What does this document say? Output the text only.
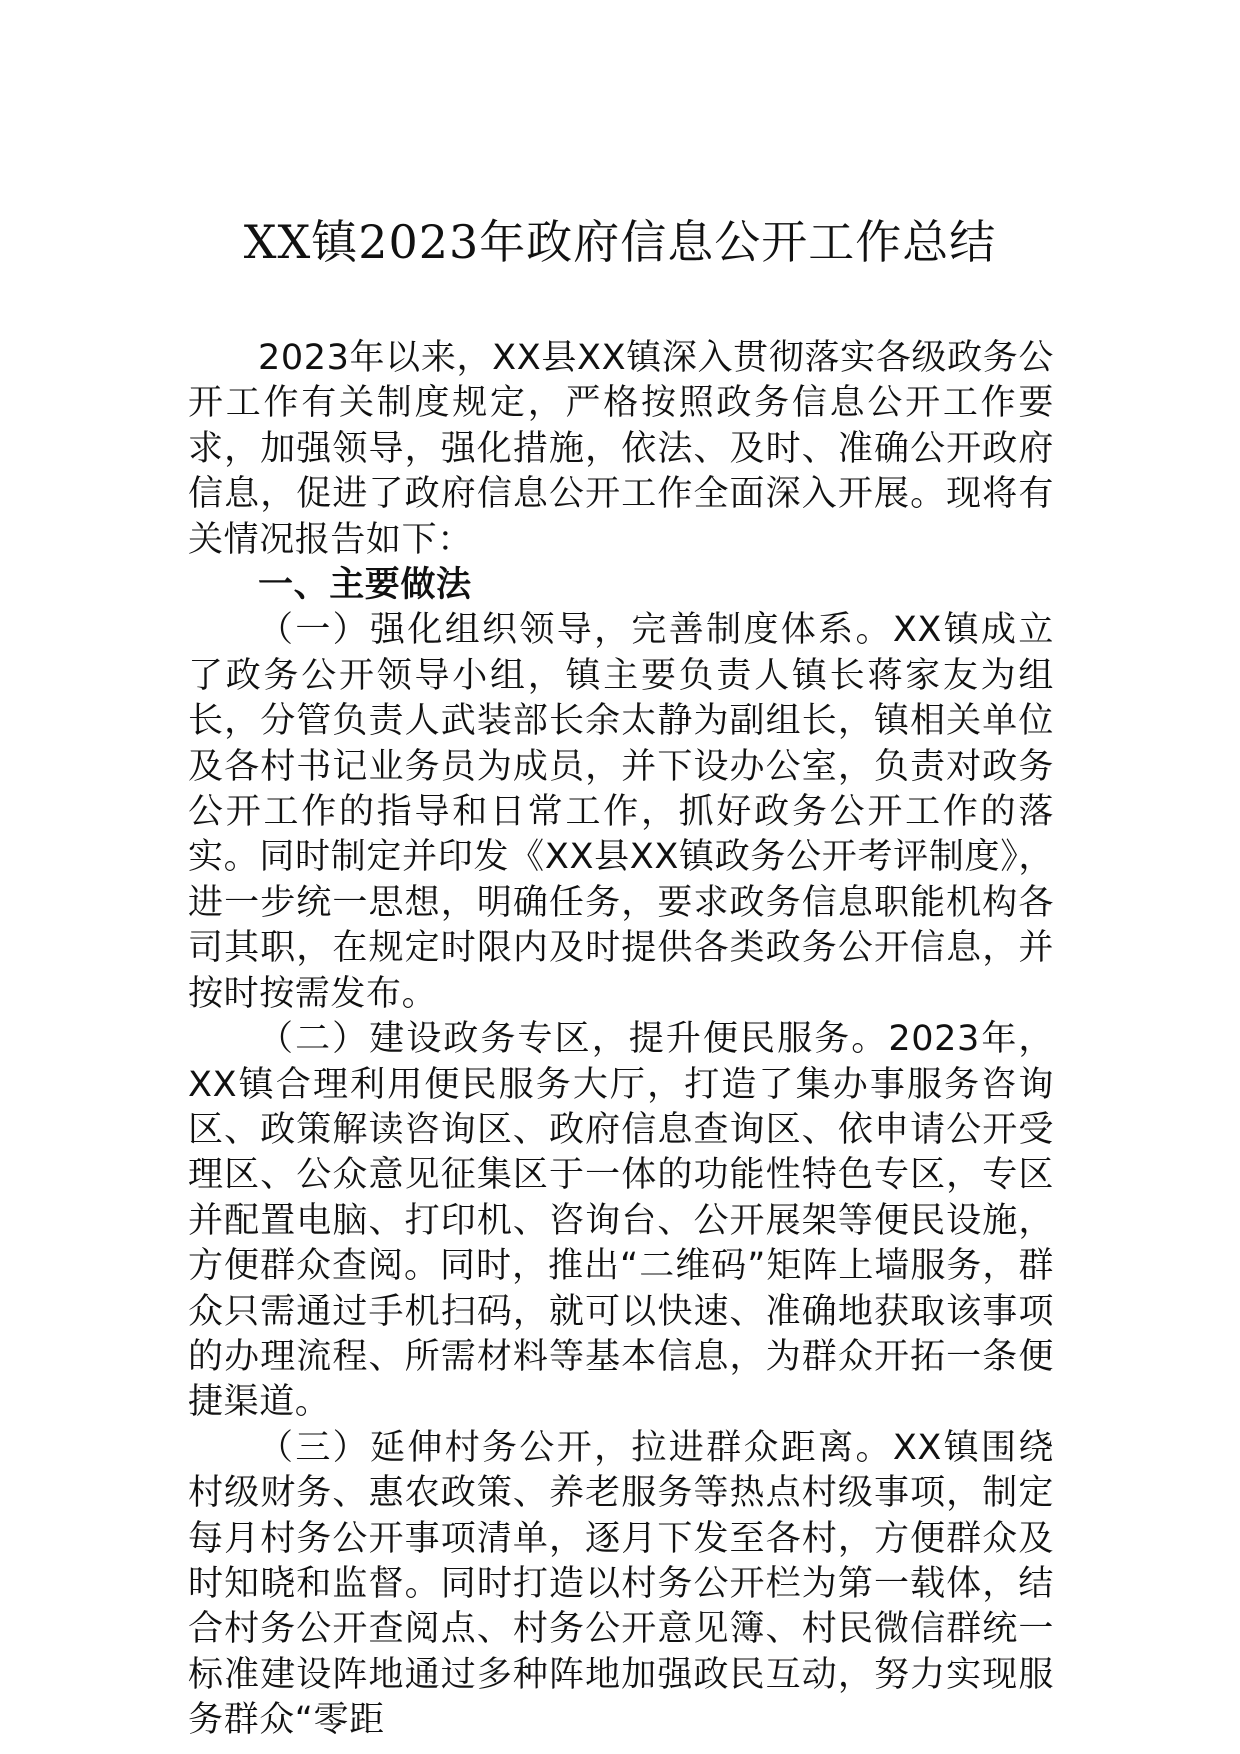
XX镇2023年政府信息公开工作总结

2023年以来，XX县XX镇深入贯彻落实各级政务公开工作有关制度规定，严格按照政务信息公开工作要求，加强领导，强化措施，依法、及时、准确公开政府信息，促进了政府信息公开工作全面深入开展。现将有关情况报告如下：

一、主要做法

（一）强化组织领导，完善制度体系。XX镇成立了政务公开领导小组，镇主要负责人镇长蒋家友为组长，分管负责人武装部长余太静为副组长，镇相关单位及各村书记业务员为成员，并下设办公室，负责对政务公开工作的指导和日常工作，抓好政务公开工作的落实。同时制定并印发《XX县XX镇政务公开考评制度》，进一步统一思想，明确任务，要求政务信息职能机构各司其职，在规定时限内及时提供各类政务公开信息，并按时按需发布。

（二）建设政务专区，提升便民服务。2023年，XX镇合理利用便民服务大厅，打造了集办事服务咨询区、政策解读咨询区、政府信息查询区、依申请公开受理区、公众意见征集区于一体的功能性特色专区，专区并配置电脑、打印机、咨询台、公开展架等便民设施，方便群众查阅。同时，推出“二维码”矩阵上墙服务，群众只需通过手机扫码，就可以快速、准确地获取该事项的办理流程、所需材料等基本信息，为群众开拓一条便捷渠道。

（三）延伸村务公开，拉进群众距离。XX镇围绕村级财务、惠农政策、养老服务等热点村级事项，制定每月村务公开事项清单，逐月下发至各村，方便群众及时知晓和监督。同时打造以村务公开栏为第一载体，结合村务公开查阅点、村务公开意见簿、村民微信群统一标准建设阵地通过多种阵地加强政民互动，努力实现服务群众“零距
